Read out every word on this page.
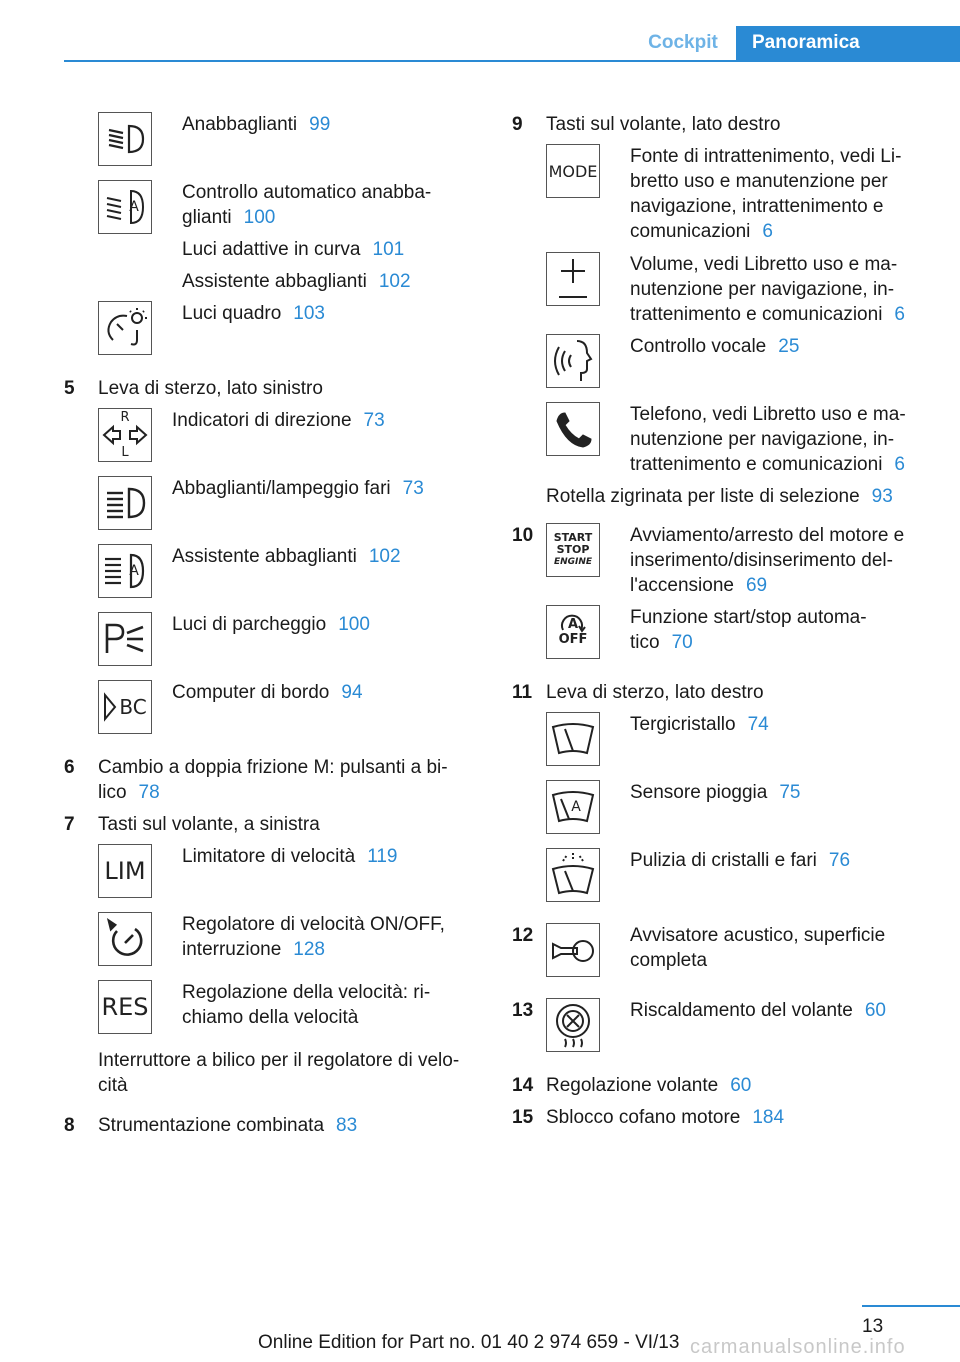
Cockpit	Panoramica
Anabbaglianti 99
A
Controllo automatico anabba-
glianti 100
Luci adattive in curva 101
Assistente abbaglianti 102
Luci quadro 103
5 Leva di sterzo, lato sinistro
R
L
Indicatori di direzione 73
Abbaglianti/lampeggio fari 73
A
Assistente abbaglianti 102
Luci di parcheggio 100
BC
Computer di bordo 94
6 Cambio a doppia frizione M: pulsanti a bi-
lico 78
7 Tasti sul volante, a sinistra
LIM
Limitatore di velocità 119
Regolatore di velocità ON/OFF,
interruzione 128
RES
Regolazione della velocità: ri-
chiamo della velocità
Interruttore a bilico per il regolatore di velo-
cità
8 Strumentazione combinata 83
9 Tasti sul volante, lato destro
MODE
Fonte di intrattenimento, vedi Li-
bretto uso e manutenzione per
navigazione, intrattenimento e
comunicazioni 6
Volume, vedi Libretto uso e ma-
nutenzione per navigazione, in-
trattenimento e comunicazioni 6
Controllo vocale 25
Telefono, vedi Libretto uso e ma-
nutenzione per navigazione, in-
trattenimento e comunicazioni 6
Rotella zigrinata per liste di selezione 93
10 START
STOP
ENGINE
Avviamento/arresto del motore e
inserimento/disinserimento del-
l'accensione 69
A
OFF
Funzione start/stop automa-
tico 70
11 Leva di sterzo, lato destro
Tergicristallo 74
A
Sensore pioggia 75
Pulizia di cristalli e fari 76
12	Avvisatore acustico, superficie
completa
13	Riscaldamento del volante 60
14 Regolazione volante 60
15 Sblocco cofano motore 184
13
Online Edition for Part no. 01 40 2 974 659 - VI/13 carmanualsonline.info
